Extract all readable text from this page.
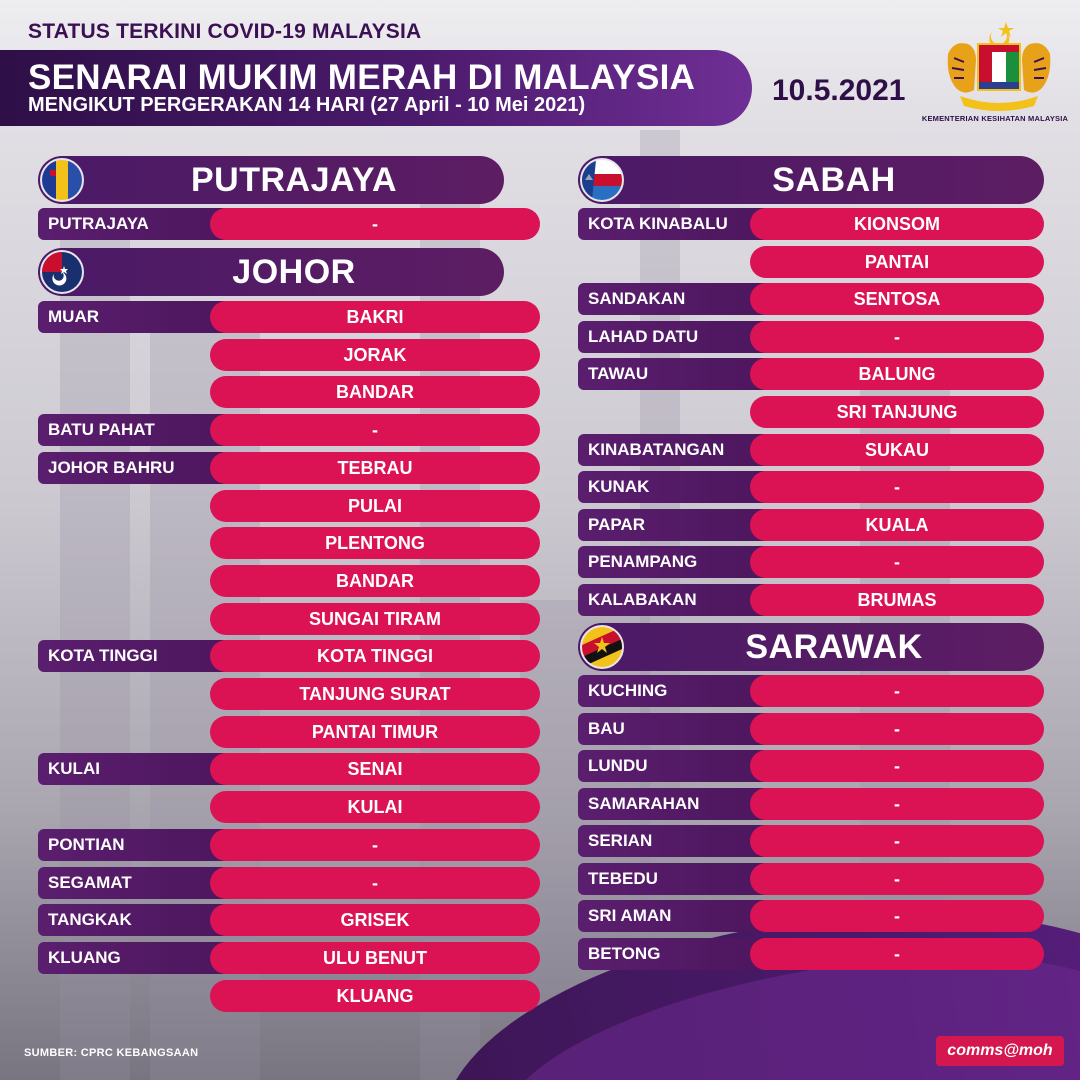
STATUS TERKINI COVID-19 MALAYSIA
SENARAI MUKIM MERAH DI MALAYSIA
MENGIKUT PERGERAKAN 14 HARI (27 April - 10 Mei 2021)	10.5.2021
KEMENTERIAN KESIHATAN MALAYSIA
PUTRAJAYA
PUTRAJAYA	-
JOHOR
MUAR	BAKRI
JORAK
BANDAR
BATU PAHAT	-
JOHOR BAHRU	TEBRAU
PULAI
PLENTONG
BANDAR
SUNGAI TIRAM
KOTA TINGGI	KOTA TINGGI
TANJUNG SURAT
PANTAI TIMUR
KULAI	SENAI
KULAI
PONTIAN	-
SEGAMAT	-
TANGKAK	GRISEK
KLUANG	ULU BENUT
KLUANG
SABAH
KOTA KINABALU	KIONSOM
PANTAI
SANDAKAN	SENTOSA
LAHAD DATU	-
TAWAU	BALUNG
SRI TANJUNG
KINABATANGAN	SUKAU
KUNAK	-
PAPAR	KUALA
PENAMPANG	-
KALABAKAN	BRUMAS
SARAWAK
KUCHING	-
BAU	-
LUNDU	-
SAMARAHAN	-
SERIAN	-
TEBEDU	-
SRI AMAN	-
BETONG	-
SUMBER: CPRC KEBANGSAAN	comms@moh
